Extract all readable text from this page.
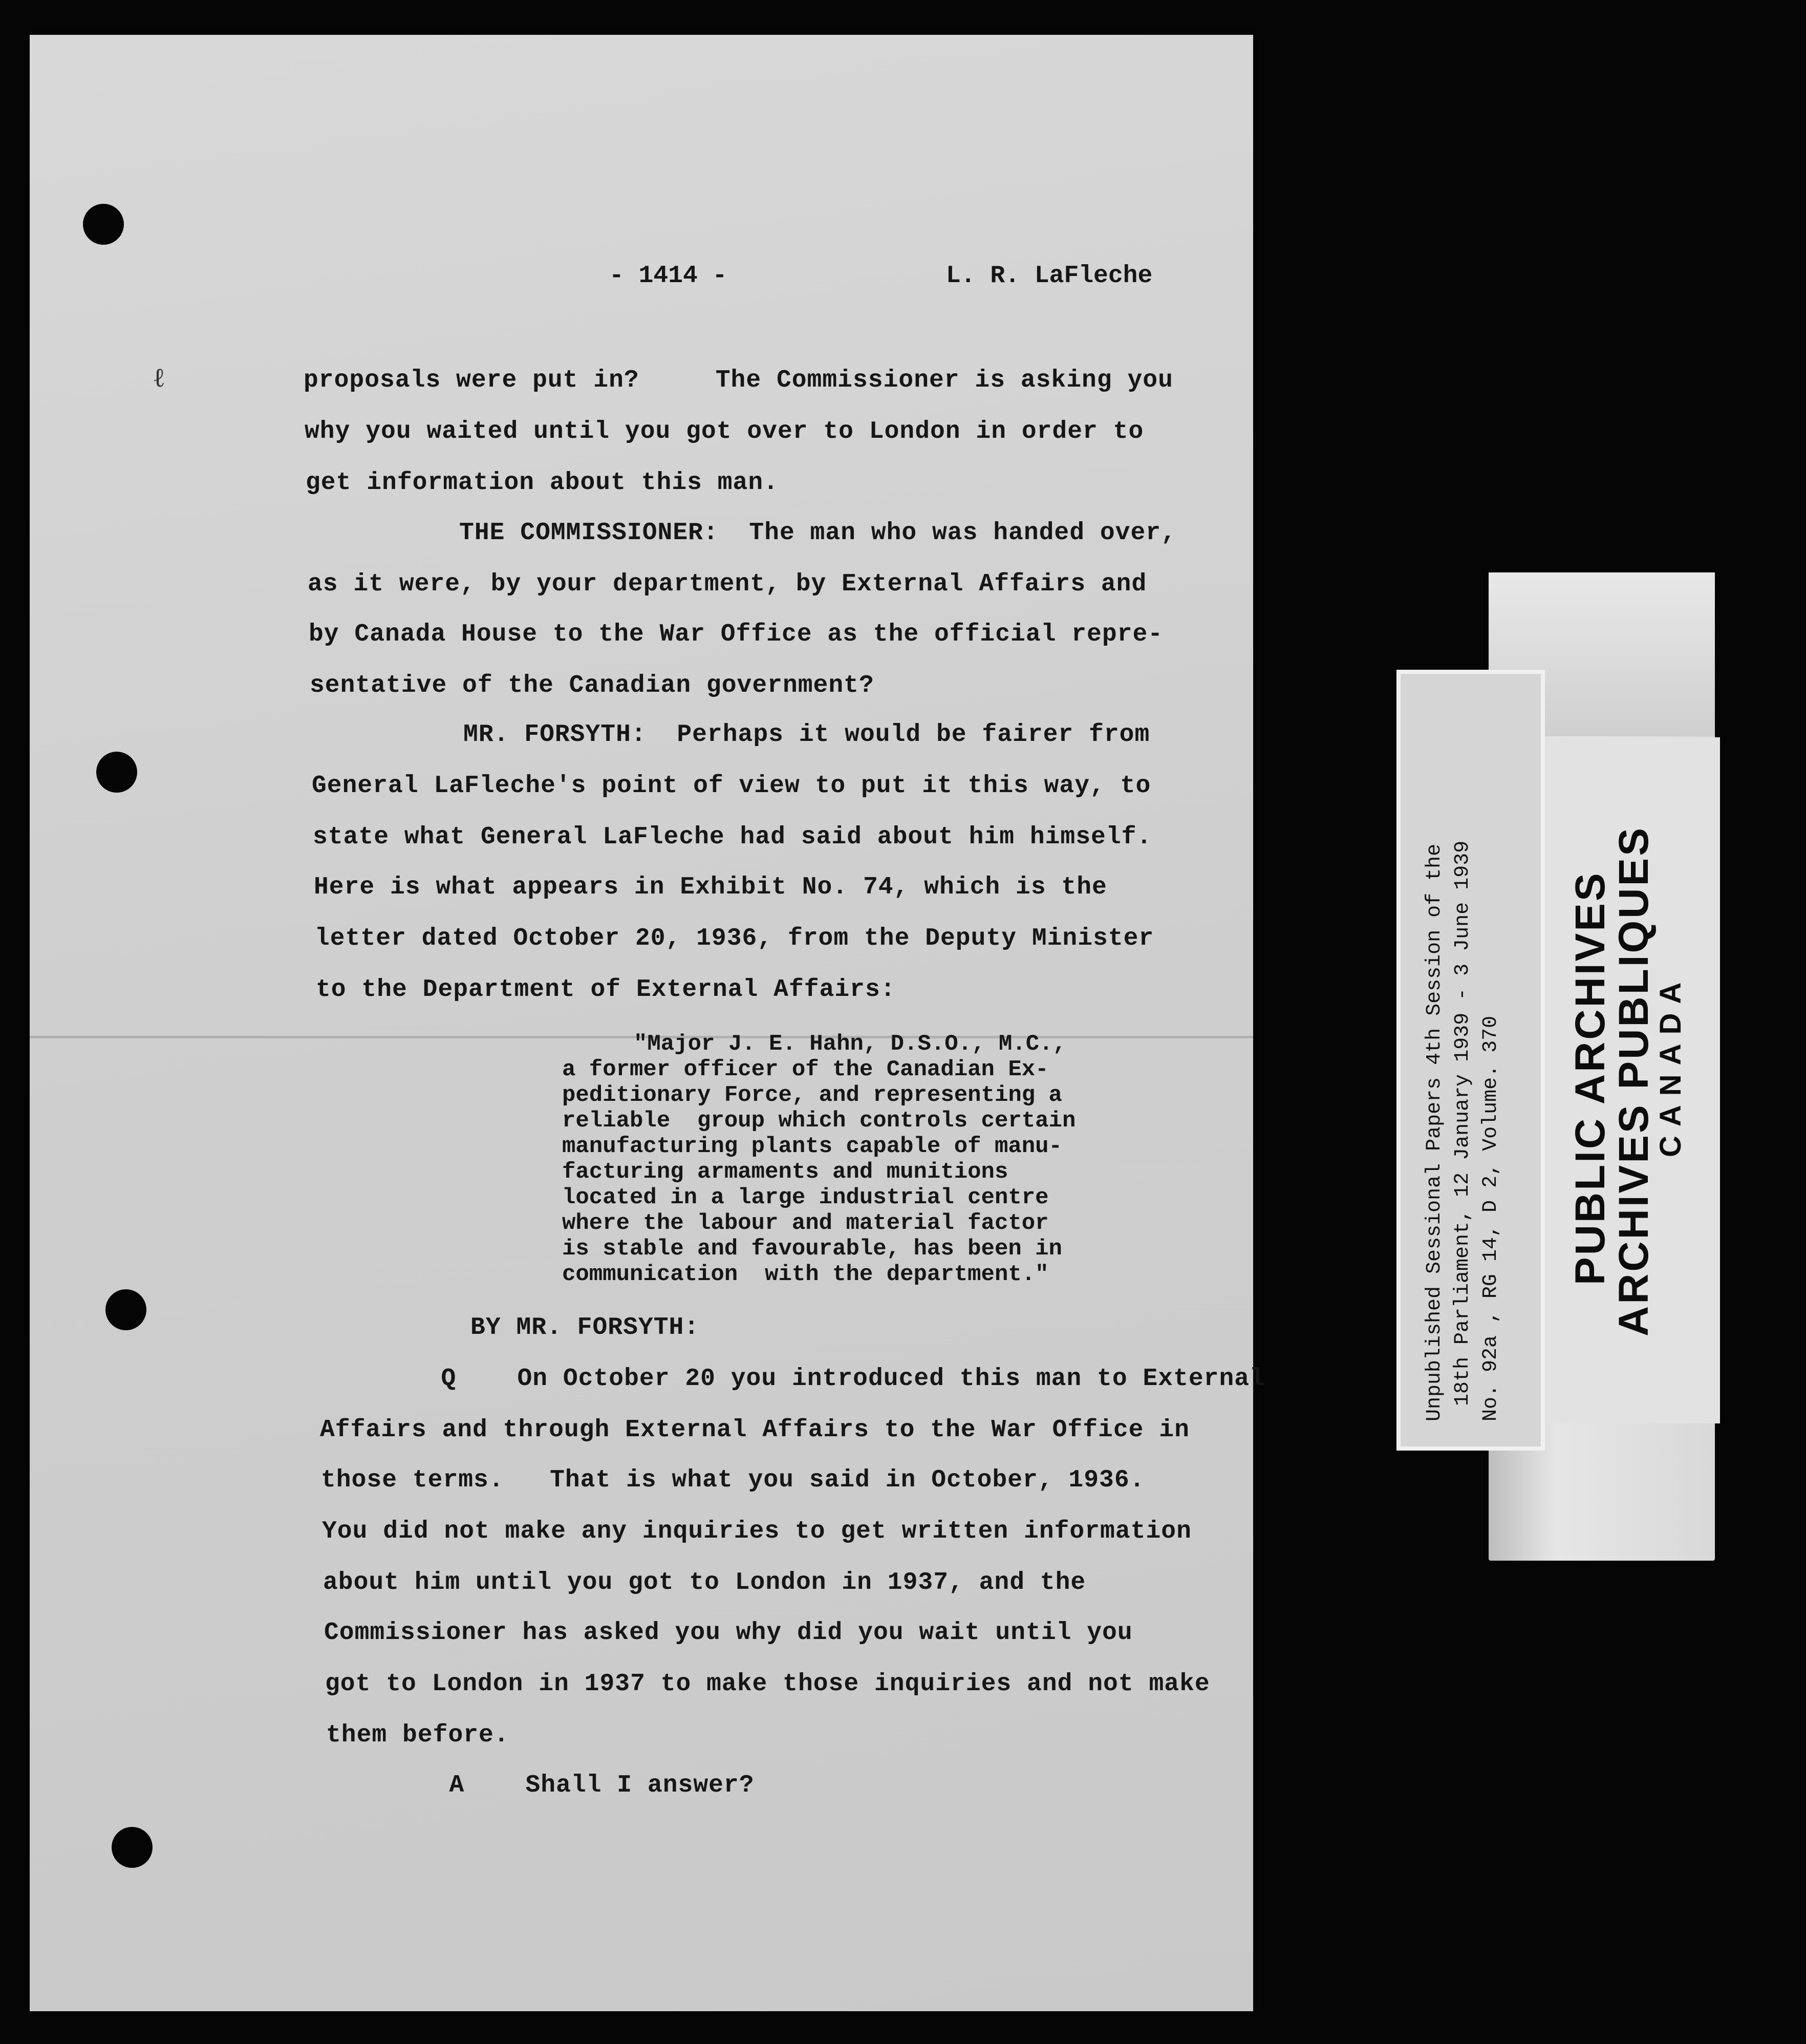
ℓ
- 1414 -	L. R. LaFleche
proposals were put in?     The Commissioner is asking you
why you waited until you got over to London in order to
get information about this man.
THE COMMISSIONER:  The man who was handed over,
as it were, by your department, by External Affairs and
by Canada House to the War Office as the official repre-
sentative of the Canadian government?
MR. FORSYTH:  Perhaps it would be fairer from
General LaFleche's point of view to put it this way, to
state what General LaFleche had said about him himself.
Here is what appears in Exhibit No. 74, which is the
letter dated October 20, 1936, from the Deputy Minister
to the Department of External Affairs:
"Major J. E. Hahn, D.S.O., M.C.,
a former officer of the Canadian Ex-
peditionary Force, and representing a
reliable  group which controls certain
manufacturing plants capable of manu-
facturing armaments and munitions
located in a large industrial centre
where the labour and material factor
is stable and favourable, has been in
communication  with the department."
BY MR. FORSYTH:
Q    On October 20 you introduced this man to External
Affairs and through External Affairs to the War Office in
those terms.   That is what you said in October, 1936.
You did not make any inquiries to get written information
about him until you got to London in 1937, and the
Commissioner has asked you why did you wait until you
got to London in 1937 to make those inquiries and not make
them before.
A    Shall I answer?
PUBLIC ARCHIVES
ARCHIVES PUBLIQUES
CANADA
Unpublished Sessional Papers 4th Session of the 18th Parliament, 12 January 1939 - 3 June 1939 No. 92a , RG 14, D 2, Volume. 370
